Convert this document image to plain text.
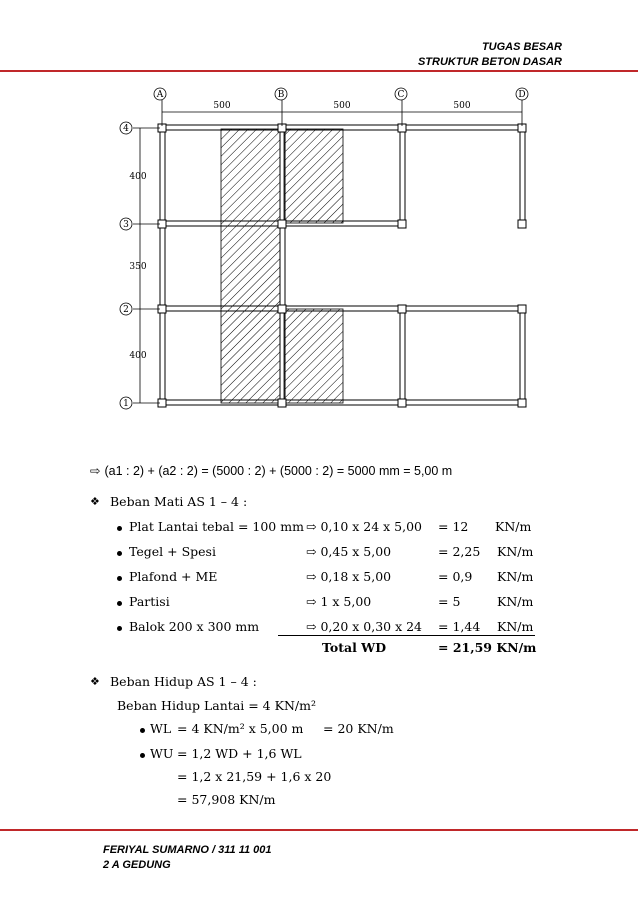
TUGAS BESAR
STRUKTUR BETON DASAR
A	B	C	D
4
3
2
1
500	500	500
400
350
400
⇨ (a1 : 2) + (a2 : 2) = (5000 : 2) + (5000 : 2) = 5000 mm = 5,00 m
❖ Beban Mati AS 1 – 4 :
Plat Lantai tebal = 100 mm ⇨ 0,10 x 24 x 5,00 = 12 KN/m
Tegel + Spesi	⇨ 0,45 x 5,00	= 2,25 KN/m
Plafond + ME	⇨ 0,18 x 5,00	= 0,9 KN/m
Partisi	⇨ 1 x 5,00	= 5	KN/m
Balok 200 x 300 mm	⇨ 0,20 x 0,30 x 24 = 1,44 KN/m
Total WD	= 21,59 KN/m
❖ Beban Hidup AS 1 – 4 :
Beban Hidup Lantai = 4 KN/m²
WL = 4 KN/m² x 5,00 m = 20 KN/m
WU = 1,2 WD + 1,6 WL
= 1,2 x 21,59 + 1,6 x 20
= 57,908 KN/m
FERIYAL SUMARNO / 311 11 001
2 A GEDUNG
